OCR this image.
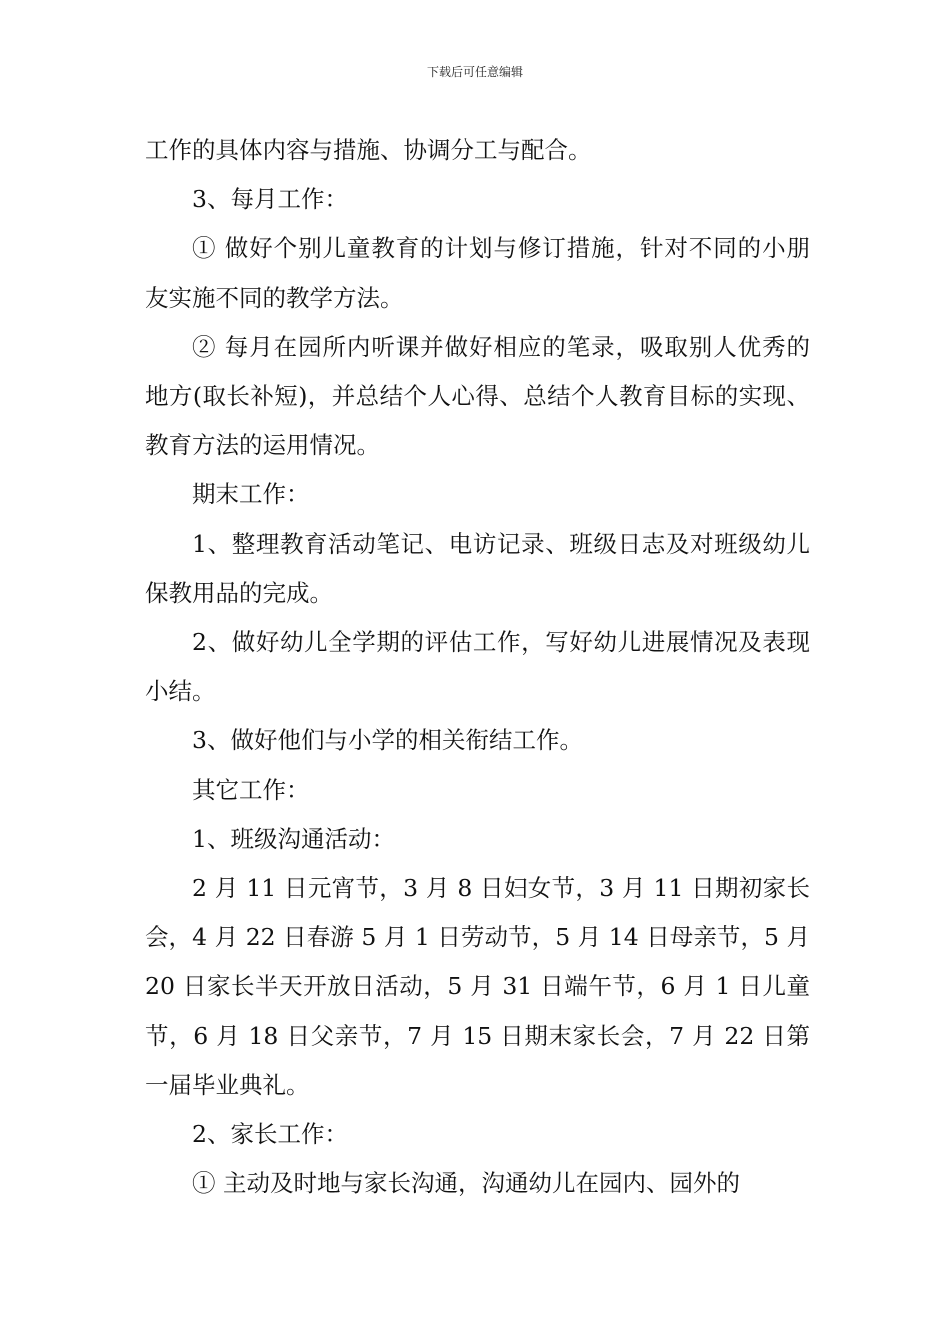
下载后可任意编辑

工作的具体内容与措施、协调分工与配合。

3、每月工作：

① 做好个别儿童教育的计划与修订措施，针对不同的小朋友实施不同的教学方法。

② 每月在园所内听课并做好相应的笔录，吸取别人优秀的地方(取长补短)，并总结个人心得、总结个人教育目标的实现、教育方法的运用情况。

期末工作：

1、整理教育活动笔记、电访记录、班级日志及对班级幼儿保教用品的完成。

2、做好幼儿全学期的评估工作，写好幼儿进展情况及表现小结。

3、做好他们与小学的相关衔结工作。

其它工作：

1、班级沟通活动：

2 月 11 日元宵节，3 月 8 日妇女节，3 月 11 日期初家长会，4 月 22 日春游 5 月 1 日劳动节，5 月 14 日母亲节，5 月 20 日家长半天开放日活动，5 月 31 日端午节，6 月 1 日儿童节，6 月 18 日父亲节，7 月 15 日期末家长会，7 月 22 日第一届毕业典礼。

2、家长工作：

① 主动及时地与家长沟通，沟通幼儿在园内、园外的
